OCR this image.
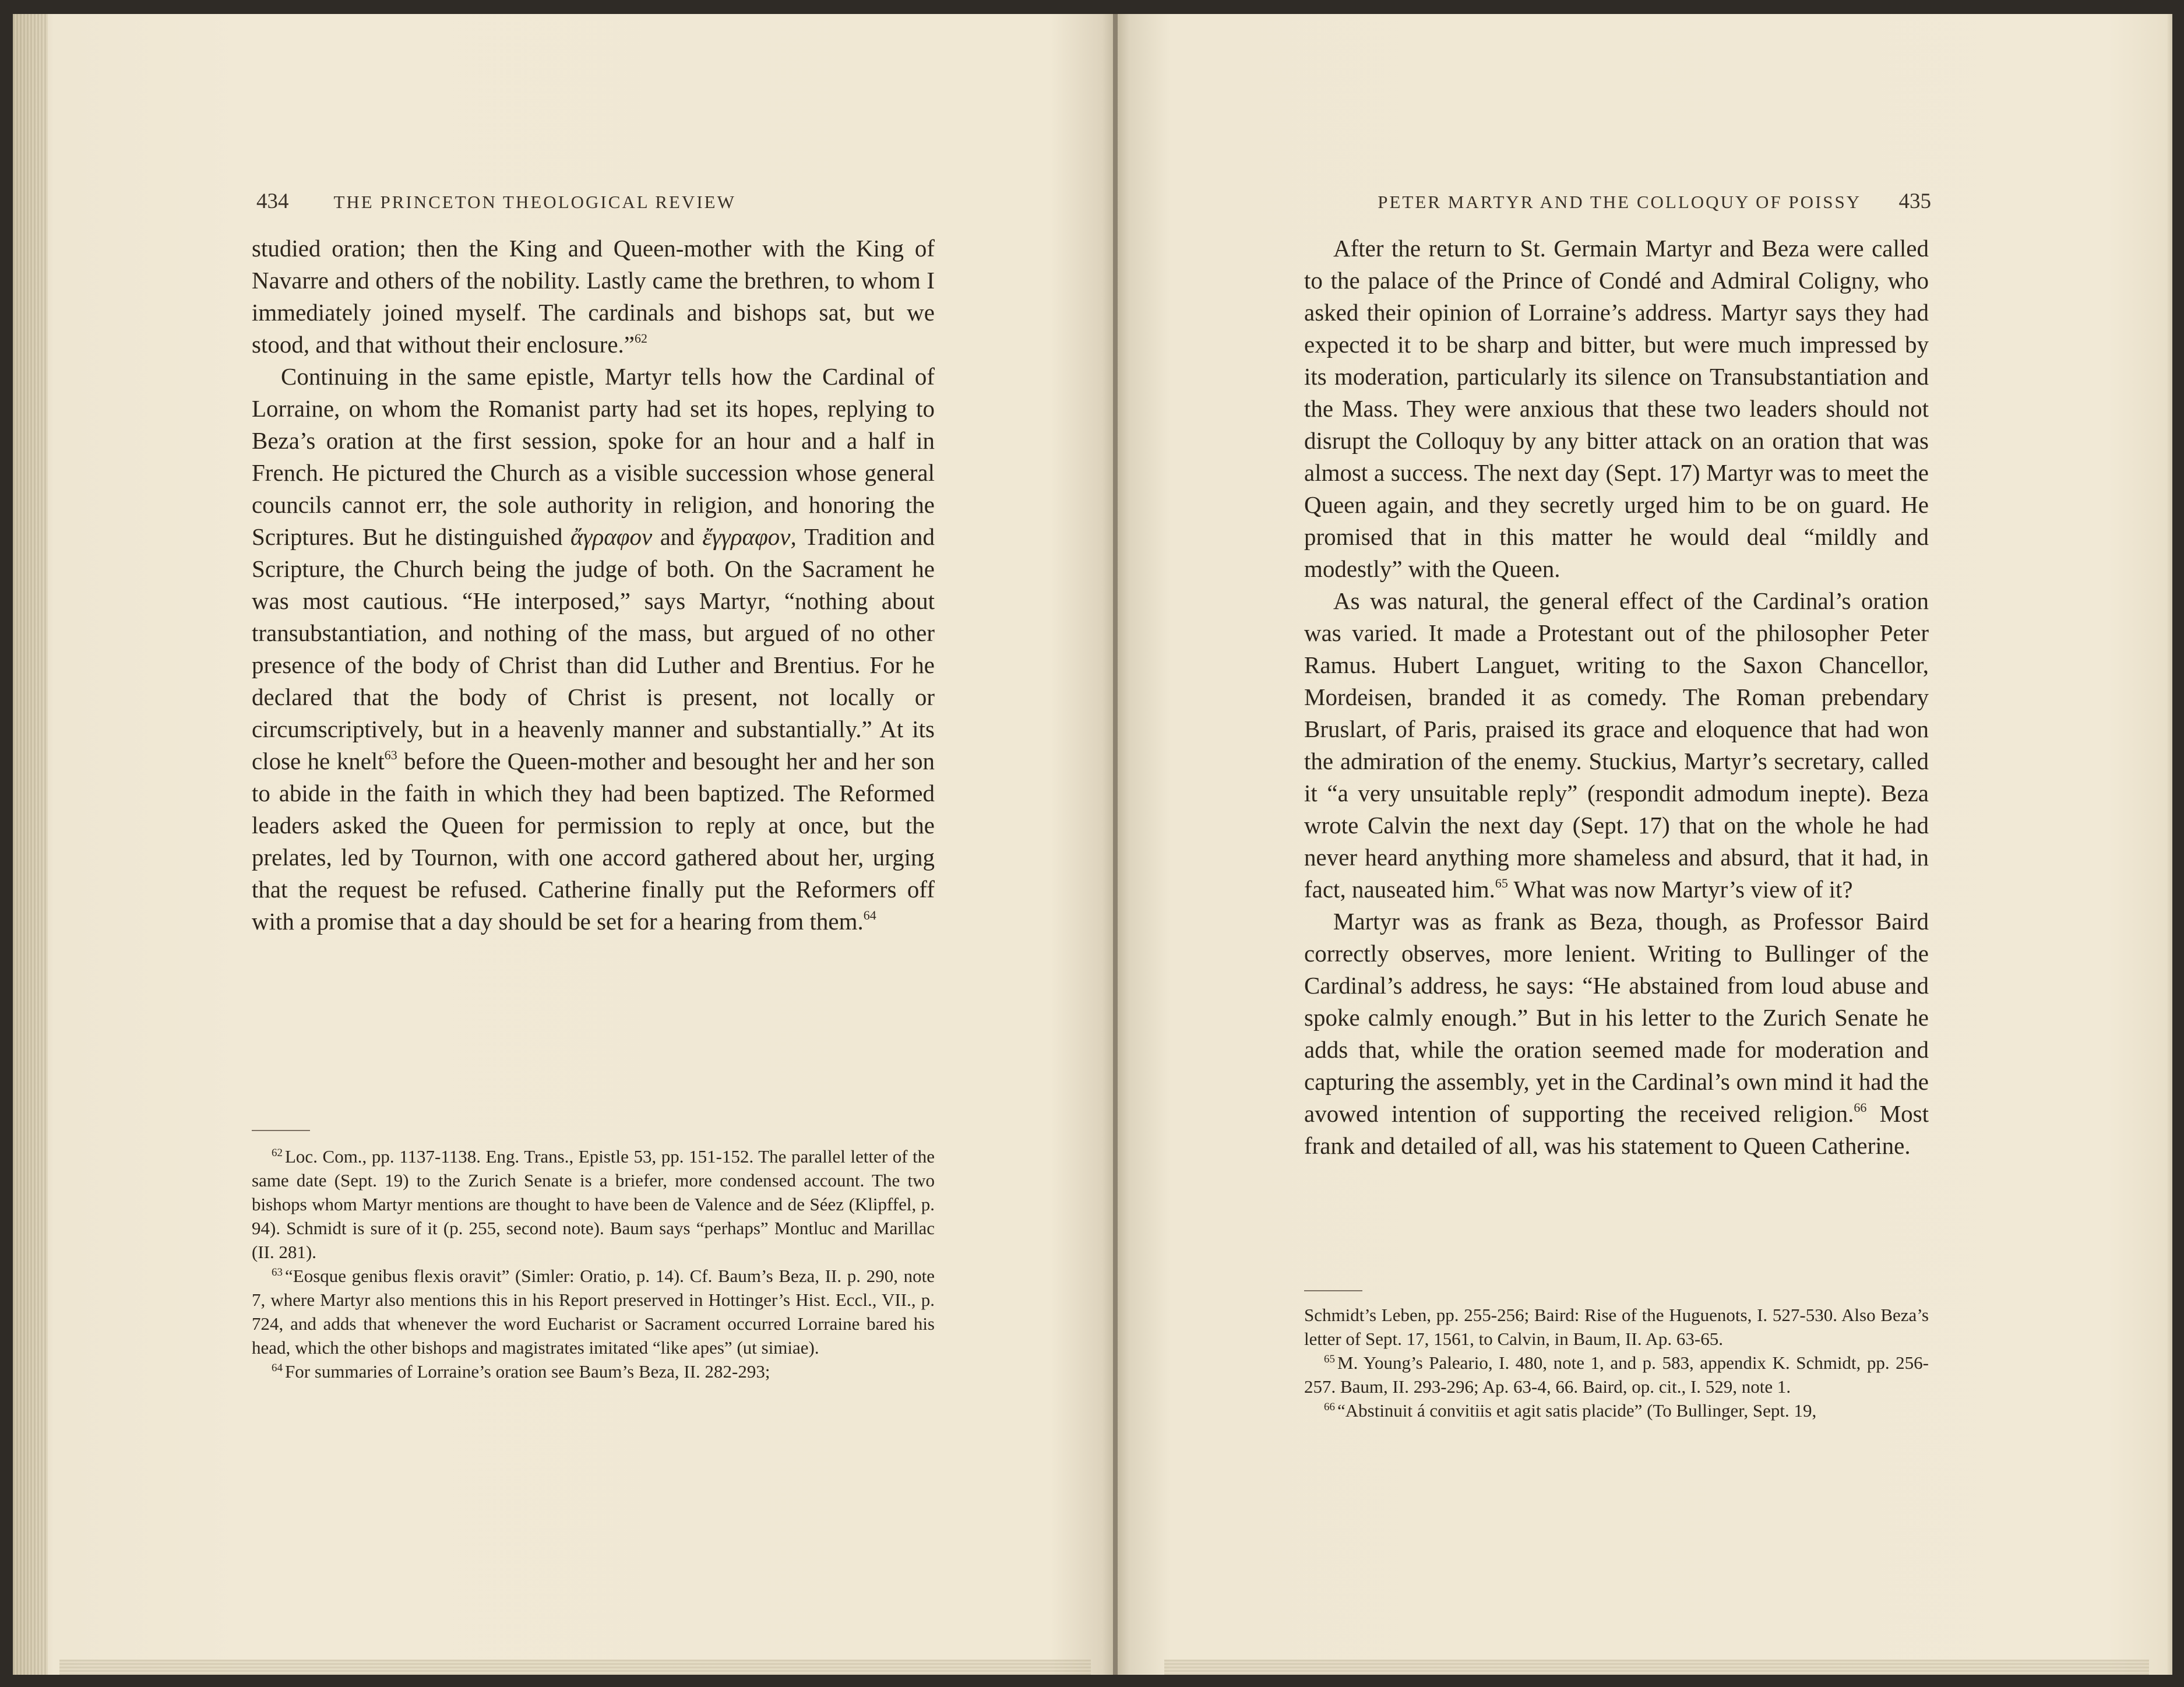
434 THE PRINCETON THEOLOGICAL REVIEW

studied oration; then the King and Queen-mother with the King of Navarre and others of the nobility. Lastly came the brethren, to whom I immediately joined myself. The cardinals and bishops sat, but we stood, and that without their enclosure.”$^{62}$

Continuing in the same epistle, Martyr tells how the Cardinal of Lorraine, on whom the Romanist party had set its hopes, replying to Beza’s oration at the first session, spoke for an hour and a half in French. He pictured the Church as a visible succession whose general councils cannot err, the sole authority in religion, and honoring the Scriptures. But he distinguished ἄγραφον and ἔγγραφον, Tradition and Scripture, the Church being the judge of both. On the Sacrament he was most cautious. “He interposed,” says Martyr, “nothing about transubstantiation, and nothing of the mass, but argued of no other presence of the body of Christ than did Luther and Brentius. For he declared that the body of Christ is present, not locally or circumscriptively, but in a heavenly manner and substantially.” At its close he knelt$^{63}$ before the Queen-mother and besought her and her son to abide in the faith in which they had been baptized. The Reformed leaders asked the Queen for permission to reply at once, but the prelates, led by Tournon, with one accord gathered about her, urging that the request be refused. Catherine finally put the Reformers off with a promise that a day should be set for a hearing from them.$^{64}$

$^{62}$ Loc. Com., pp. 1137-1138. Eng. Trans., Epistle 53, pp. 151-152. The parallel letter of the same date (Sept. 19) to the Zurich Senate is a briefer, more condensed account. The two bishops whom Martyr mentions are thought to have been de Valence and de Séez (Klipffel, p. 94). Schmidt is sure of it (p. 255, second note). Baum says “perhaps” Montluc and Marillac (II. 281).

$^{63}$ “Eosque genibus flexis oravit” (Simler: Oratio, p. 14). Cf. Baum’s Beza, II. p. 290, note 7, where Martyr also mentions this in his Report preserved in Hottinger’s Hist. Eccl., VII., p. 724, and adds that whenever the word Eucharist or Sacrament occurred Lorraine bared his head, which the other bishops and magistrates imitated “like apes” (ut simiae).

$^{64}$ For summaries of Lorraine’s oration see Baum’s Beza, II. 282-293;

PETER MARTYR AND THE COLLOQUY OF POISSY 435

After the return to St. Germain Martyr and Beza were called to the palace of the Prince of Condé and Admiral Coligny, who asked their opinion of Lorraine’s address. Martyr says they had expected it to be sharp and bitter, but were much impressed by its moderation, particularly its silence on Transubstantiation and the Mass. They were anxious that these two leaders should not disrupt the Colloquy by any bitter attack on an oration that was almost a success. The next day (Sept. 17) Martyr was to meet the Queen again, and they secretly urged him to be on guard. He promised that in this matter he would deal “mildly and modestly” with the Queen.

As was natural, the general effect of the Cardinal’s oration was varied. It made a Protestant out of the philosopher Peter Ramus. Hubert Languet, writing to the Saxon Chancellor, Mordeisen, branded it as comedy. The Roman prebendary Bruslart, of Paris, praised its grace and eloquence that had won the admiration of the enemy. Stuckius, Martyr’s secretary, called it “a very unsuitable reply” (respondit admodum inepte). Beza wrote Calvin the next day (Sept. 17) that on the whole he had never heard anything more shameless and absurd, that it had, in fact, nauseated him.$^{65}$ What was now Martyr’s view of it?

Martyr was as frank as Beza, though, as Professor Baird correctly observes, more lenient. Writing to Bullinger of the Cardinal’s address, he says: “He abstained from loud abuse and spoke calmly enough.” But in his letter to the Zurich Senate he adds that, while the oration seemed made for moderation and capturing the assembly, yet in the Cardinal’s own mind it had the avowed intention of supporting the received religion.$^{66}$ Most frank and detailed of all, was his statement to Queen Catherine.

Schmidt’s Leben, pp. 255-256; Baird: Rise of the Huguenots, I. 527-530. Also Beza’s letter of Sept. 17, 1561, to Calvin, in Baum, II. Ap. 63-65.

$^{65}$ M. Young’s Paleario, I. 480, note 1, and p. 583, appendix K. Schmidt, pp. 256-257. Baum, II. 293-296; Ap. 63-4, 66. Baird, op. cit., I. 529, note 1.

$^{66}$ “Abstinuit á convitiis et agit satis placide” (To Bullinger, Sept. 19,
